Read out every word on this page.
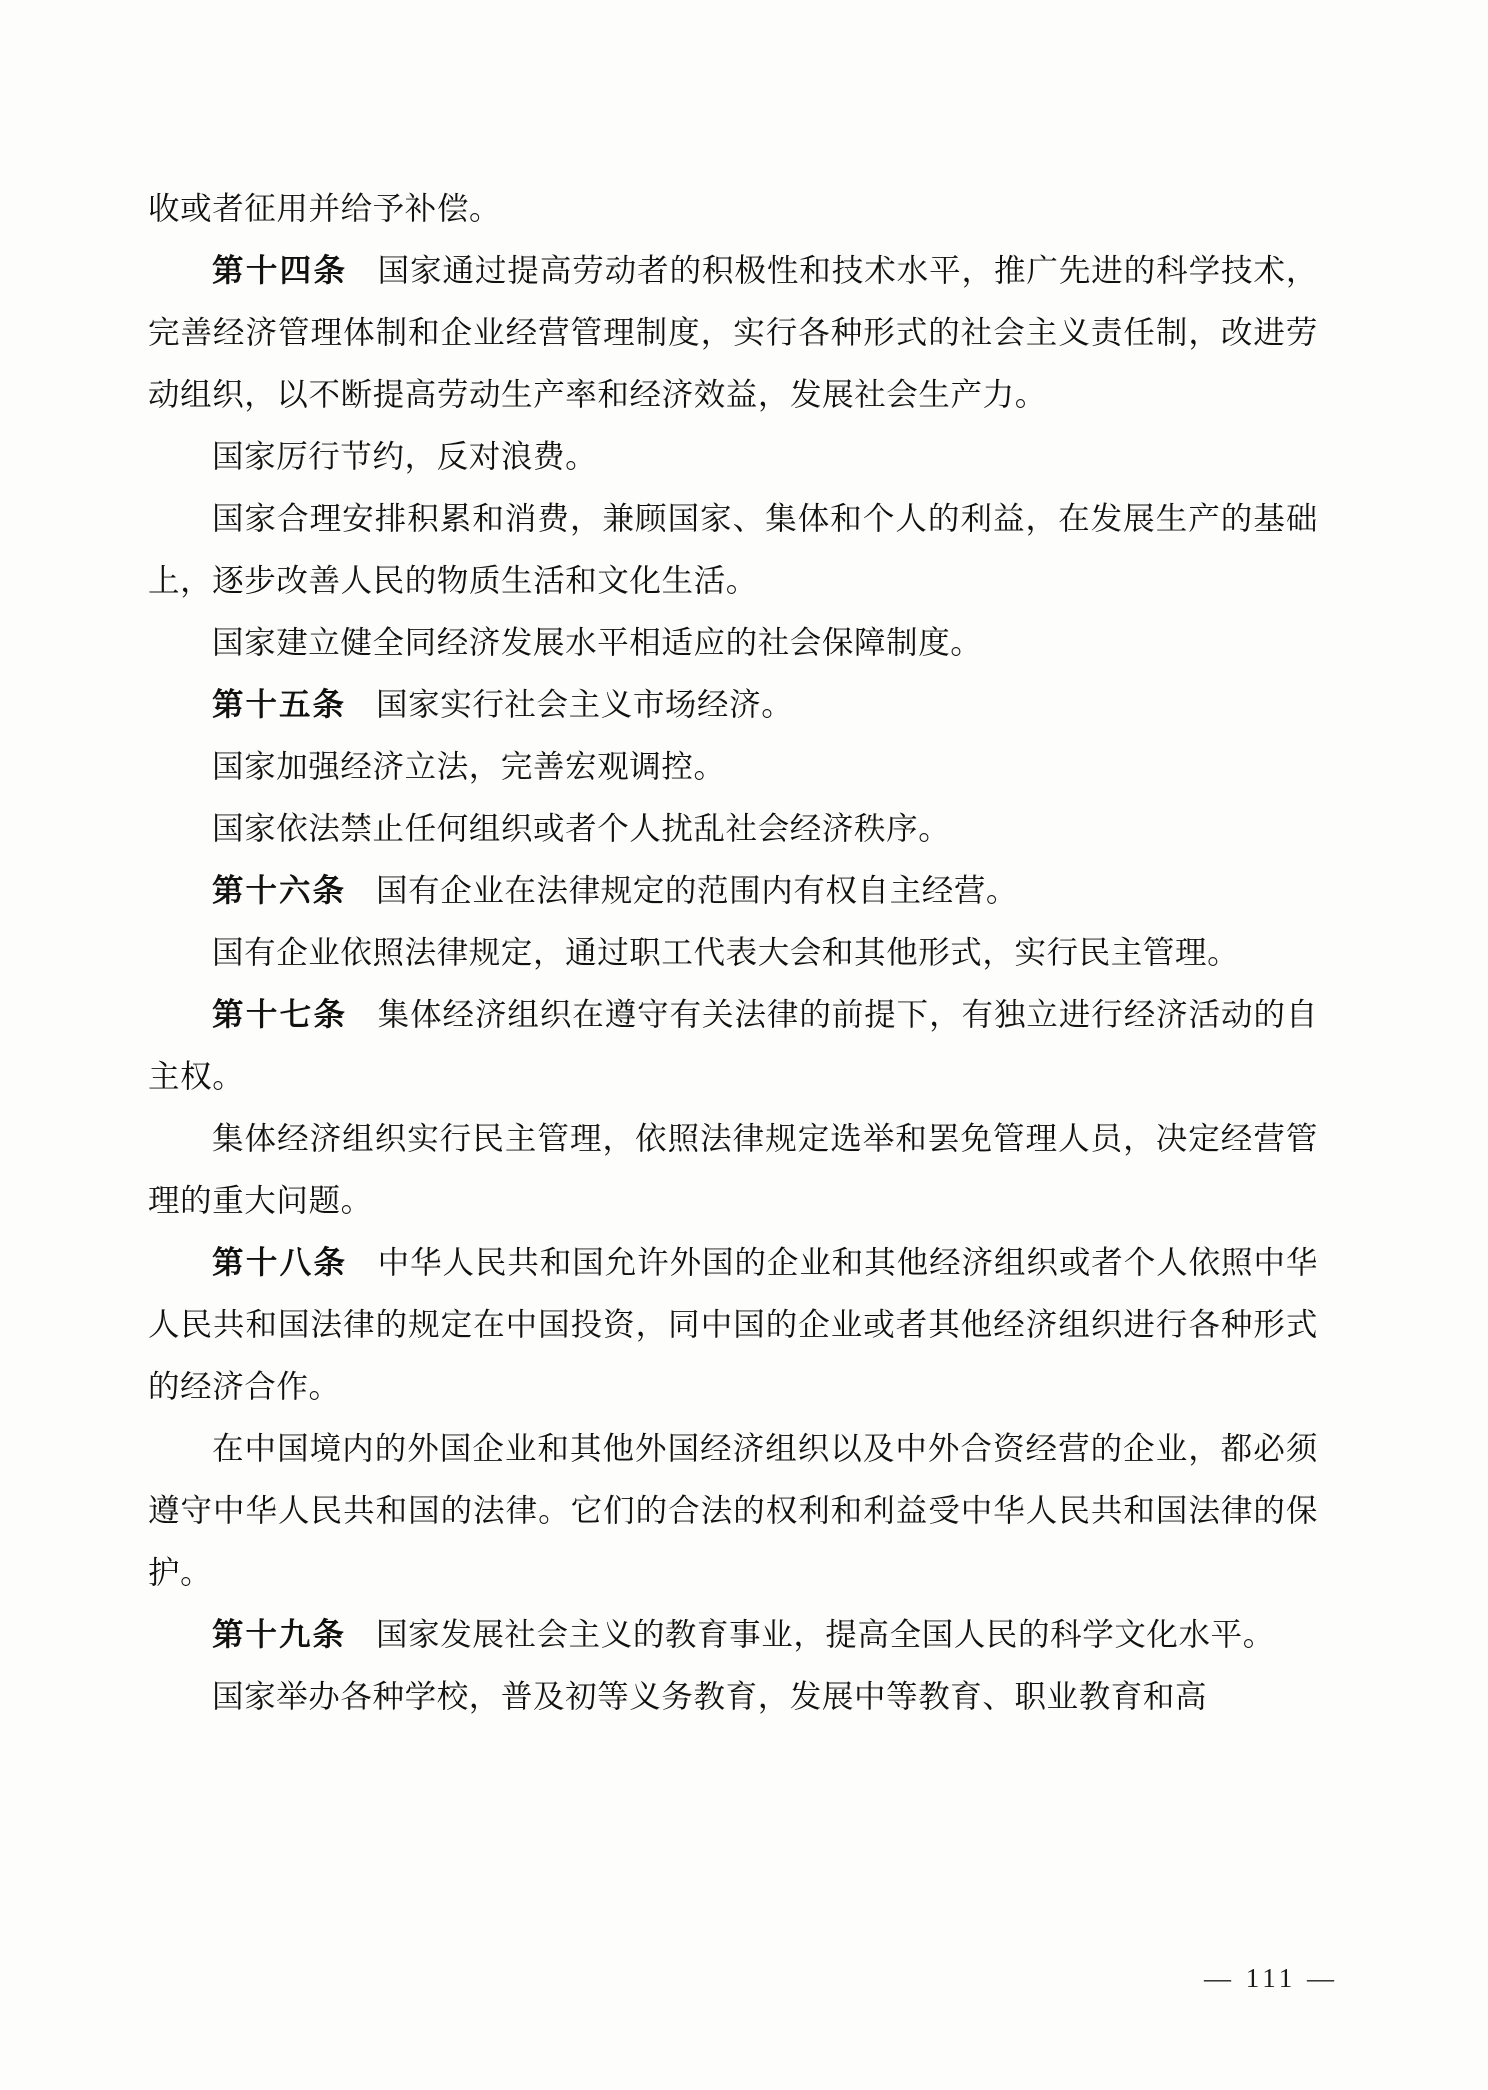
收或者征用并给予补偿。

第十四条 国家通过提高劳动者的积极性和技术水平，推广先进的科学技术，完善经济管理体制和企业经营管理制度，实行各种形式的社会主义责任制，改进劳动组织，以不断提高劳动生产率和经济效益，发展社会生产力。

国家厉行节约，反对浪费。

国家合理安排积累和消费，兼顾国家、集体和个人的利益，在发展生产的基础上，逐步改善人民的物质生活和文化生活。

国家建立健全同经济发展水平相适应的社会保障制度。

第十五条 国家实行社会主义市场经济。

国家加强经济立法，完善宏观调控。

国家依法禁止任何组织或者个人扰乱社会经济秩序。

第十六条 国有企业在法律规定的范围内有权自主经营。

国有企业依照法律规定，通过职工代表大会和其他形式，实行民主管理。

第十七条 集体经济组织在遵守有关法律的前提下，有独立进行经济活动的自主权。

集体经济组织实行民主管理，依照法律规定选举和罢免管理人员，决定经营管理的重大问题。

第十八条 中华人民共和国允许外国的企业和其他经济组织或者个人依照中华人民共和国法律的规定在中国投资，同中国的企业或者其他经济组织进行各种形式的经济合作。

在中国境内的外国企业和其他外国经济组织以及中外合资经营的企业，都必须遵守中华人民共和国的法律。它们的合法的权利和利益受中华人民共和国法律的保护。

第十九条 国家发展社会主义的教育事业，提高全国人民的科学文化水平。

国家举办各种学校，普及初等义务教育，发展中等教育、职业教育和高

— 111 —
